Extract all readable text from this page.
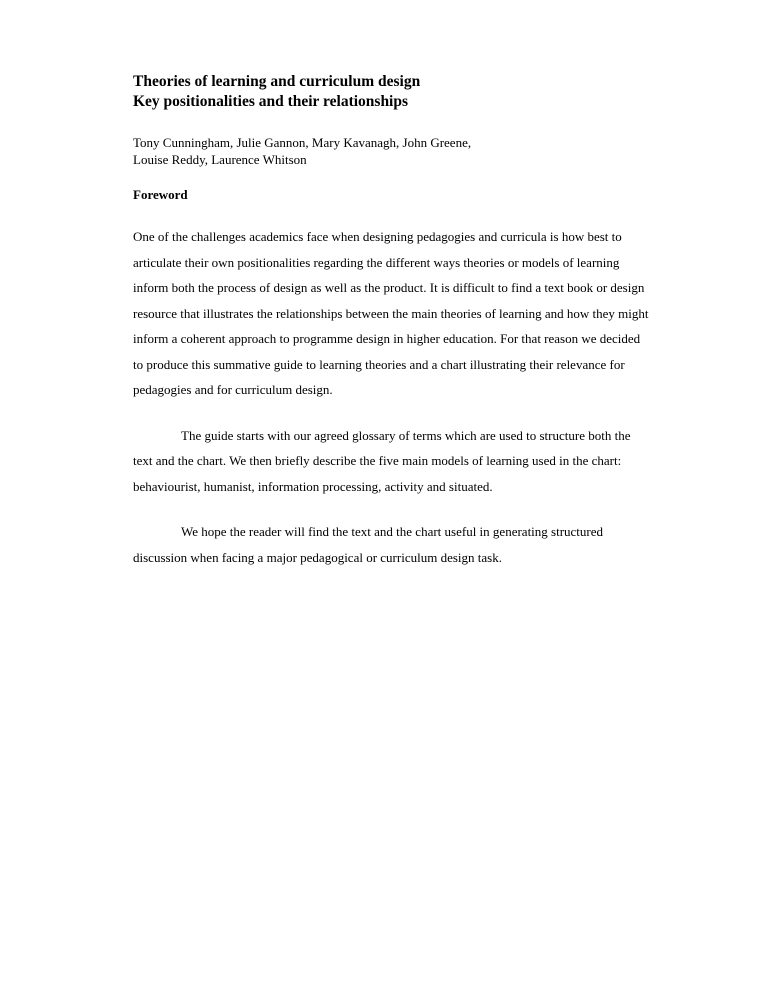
Theories of learning and curriculum design
Key positionalities and their relationships

Tony Cunningham, Julie Gannon, Mary Kavanagh, John Greene,
Louise Reddy, Laurence Whitson

Foreword

One of the challenges academics face when designing pedagogies and curricula is how best to articulate their own positionalities regarding the different ways theories or models of learning inform both the process of design as well as the product. It is difficult to find a text book or design resource that illustrates the relationships between the main theories of learning and how they might inform a coherent approach to programme design in higher education. For that reason we decided to produce this summative guide to learning theories and a chart illustrating their relevance for pedagogies and for curriculum design.

The guide starts with our agreed glossary of terms which are used to structure both the text and the chart. We then briefly describe the five main models of learning used in the chart: behaviourist, humanist, information processing, activity and situated.

We hope the reader will find the text and the chart useful in generating structured discussion when facing a major pedagogical or curriculum design task.
